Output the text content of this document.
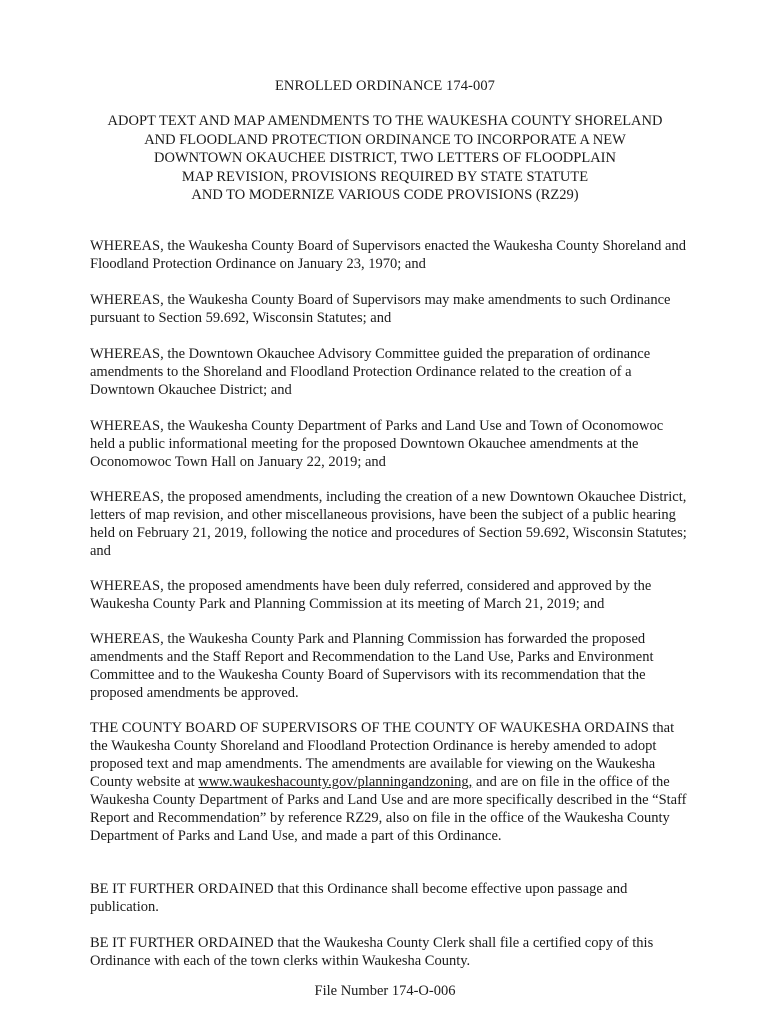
ENROLLED ORDINANCE 174-007
ADOPT TEXT AND MAP AMENDMENTS TO THE WAUKESHA COUNTY SHORELAND
AND FLOODLAND PROTECTION ORDINANCE TO INCORPORATE A NEW
DOWNTOWN OKAUCHEE DISTRICT, TWO LETTERS OF FLOODPLAIN
MAP REVISION, PROVISIONS REQUIRED BY STATE STATUTE
AND TO MODERNIZE VARIOUS CODE PROVISIONS (RZ29)

WHEREAS, the Waukesha County Board of Supervisors enacted the Waukesha County Shoreland and Floodland Protection Ordinance on January 23, 1970; and

WHEREAS, the Waukesha County Board of Supervisors may make amendments to such Ordinance pursuant to Section 59.692, Wisconsin Statutes; and

WHEREAS, the Downtown Okauchee Advisory Committee guided the preparation of ordinance amendments to the Shoreland and Floodland Protection Ordinance related to the creation of a Downtown Okauchee District; and

WHEREAS, the Waukesha County Department of Parks and Land Use and Town of Oconomowoc held a public informational meeting for the proposed Downtown Okauchee amendments at the Oconomowoc Town Hall on January 22, 2019; and

WHEREAS, the proposed amendments, including the creation of a new Downtown Okauchee District, letters of map revision, and other miscellaneous provisions, have been the subject of a public hearing held on February 21, 2019, following the notice and procedures of Section 59.692, Wisconsin Statutes; and

WHEREAS, the proposed amendments have been duly referred, considered and approved by the Waukesha County Park and Planning Commission at its meeting of March 21, 2019; and

WHEREAS, the Waukesha County Park and Planning Commission has forwarded the proposed amendments and the Staff Report and Recommendation to the Land Use, Parks and Environment Committee and to the Waukesha County Board of Supervisors with its recommendation that the proposed amendments be approved.

THE COUNTY BOARD OF SUPERVISORS OF THE COUNTY OF WAUKESHA ORDAINS that the Waukesha County Shoreland and Floodland Protection Ordinance is hereby amended to adopt proposed text and map amendments. The amendments are available for viewing on the Waukesha County website at www.waukeshacounty.gov/planningandzoning, and are on file in the office of the Waukesha County Department of Parks and Land Use and are more specifically described in the “Staff Report and Recommendation” by reference RZ29, also on file in the office of the Waukesha County Department of Parks and Land Use, and made a part of this Ordinance.

BE IT FURTHER ORDAINED that this Ordinance shall become effective upon passage and publication.

BE IT FURTHER ORDAINED that the Waukesha County Clerk shall file a certified copy of this Ordinance with each of the town clerks within Waukesha County.

File Number 174-O-006
